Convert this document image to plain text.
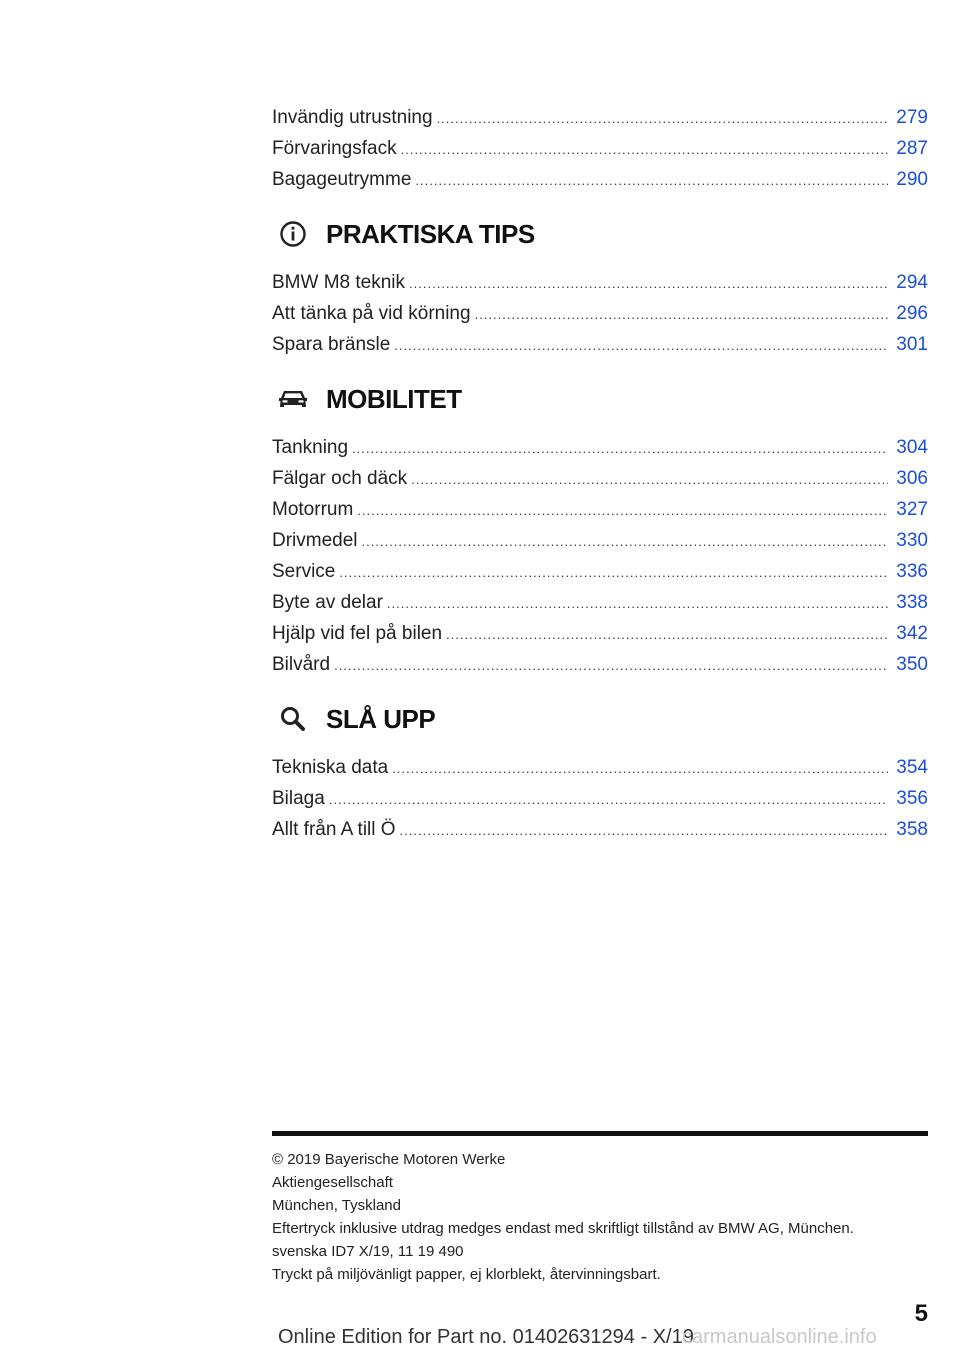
Invändig utrustning .....	279
Förvaringsfack .....	287
Bagageutrymme .....	290
PRAKTISKA TIPS
BMW M8 teknik .....	294
Att tänka på vid körning .....	296
Spara bränsle .....	301
MOBILITET
Tankning .....	304
Fälgar och däck .....	306
Motorrum .....	327
Drivmedel .....	330
Service .....	336
Byte av delar .....	338
Hjälp vid fel på bilen .....	342
Bilvård .....	350
SLÅ UPP
Tekniska data .....	354
Bilaga .....	356
Allt från A till Ö .....	358
© 2019 Bayerische Motoren Werke
Aktiengesellschaft
München, Tyskland
Eftertryck inklusive utdrag medges endast med skriftligt tillstånd av BMW AG, München.
svenska ID7 X/19, 11 19 490
Tryckt på miljövänligt papper, ej klorblekt, återvinningsbart.
5
Online Edition for Part no. 01402631294 - X/19
carmanualsonline.info
